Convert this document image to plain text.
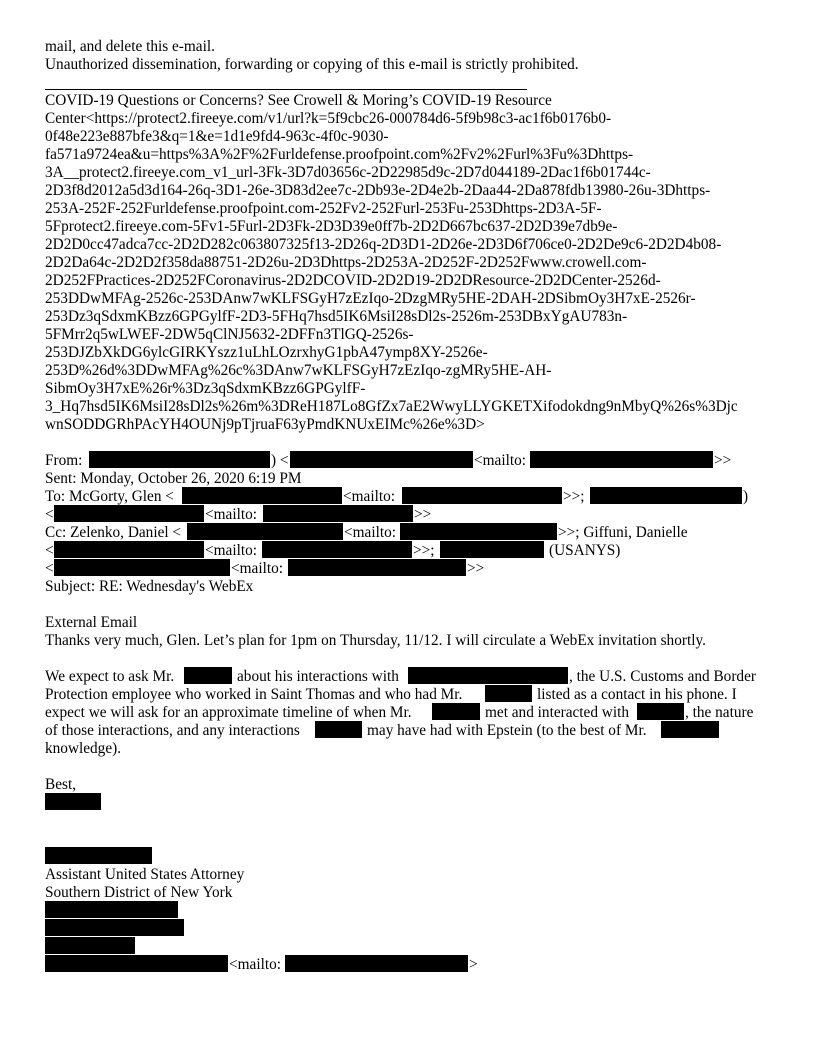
mail, and delete this e-mail.
Unauthorized dissemination, forwarding or copying of this e-mail is strictly prohibited.
COVID-19 Questions or Concerns? See Crowell & Moring’s COVID-19 Resource
Center<https://protect2.fireeye.com/v1/url?k=5f9cbc26-000784d6-5f9b98c3-ac1f6b0176b0-
0f48e223e887bfe3&q=1&e=1d1e9fd4-963c-4f0c-9030-
fa571a9724ea&u=https%3A%2F%2Furldefense.proofpoint.com%2Fv2%2Furl%3Fu%3Dhttps-
3A__protect2.fireeye.com_v1_url-3Fk-3D7d03656c-2D22985d9c-2D7d044189-2Dac1f6b01744c-
2D3f8d2012a5d3d164-26q-3D1-26e-3D83d2ee7c-2Db93e-2D4e2b-2Daa44-2Da878fdb13980-26u-3Dhttps-
253A-252F-252Furldefense.proofpoint.com-252Fv2-252Furl-253Fu-253Dhttps-2D3A-5F-
5Fprotect2.fireeye.com-5Fv1-5Furl-2D3Fk-2D3D39e0ff7b-2D2D667bc637-2D2D39e7db9e-
2D2D0cc47adca7cc-2D2D282c063807325f13-2D26q-2D3D1-2D26e-2D3D6f706ce0-2D2De9c6-2D2D4b08-
2D2Da64c-2D2D2f358da88751-2D26u-2D3Dhttps-2D253A-2D252F-2D252Fwww.crowell.com-
2D252FPractices-2D252FCoronavirus-2D2DCOVID-2D2D19-2D2DResource-2D2DCenter-2526d-
253DDwMFAg-2526c-253DAnw7wKLFSGyH7zEzIqo-2DzgMRy5HE-2DAH-2DSibmOy3H7xE-2526r-
253Dz3qSdxmKBzz6GPGylfF-2D3-5FHq7hsd5IK6MsiI28sDl2s-2526m-253DBxYgAU783n-
5FMrr2q5wLWEF-2DW5qClNJ5632-2DFFn3TlGQ-2526s-
253DJZbXkDG6ylcGIRKYszz1uLhLOzrxhyG1pbA47ymp8XY-2526e-
253D%26d%3DDwMFAg%26c%3DAnw7wKLFSGyH7zEzIqo-zgMRy5HE-AH-
SibmOy3H7xE%26r%3Dz3qSdxmKBzz6GPGylfF-
3_Hq7hsd5IK6MsiI28sDl2s%26m%3DReH187Lo8GfZx7aE2WwyLLYGKETXifodokdng9nMbyQ%26s%3Djc
wnSODDGRhPAcYH4OUNj9pTjruaF63yPmdKNUxEIMc%26e%3D>
From:	) <	<mailto:	>>
Sent: Monday, October 26, 2020 6:19 PM
To: McGorty, Glen <	<mailto:	>>;	)
<	<mailto:	>>
Cc: Zelenko, Daniel <	<mailto:	>>; Giffuni, Danielle
<	<mailto:	>>;	(USANYS)
<	<mailto:	>>
Subject: RE: Wednesday's WebEx
External Email
Thanks very much, Glen. Let’s plan for 1pm on Thursday, 11/12. I will circulate a WebEx invitation shortly.
We expect to ask Mr.	about his interactions with	, the U.S. Customs and Border
Protection employee who worked in Saint Thomas and who had Mr.	listed as a contact in his phone. I
expect we will ask for an approximate timeline of when Mr.	met and interacted with	, the nature
of those interactions, and any interactions	may have had with Epstein (to the best of Mr.
knowledge).
Best,
Assistant United States Attorney
Southern District of New York
<mailto:	>
